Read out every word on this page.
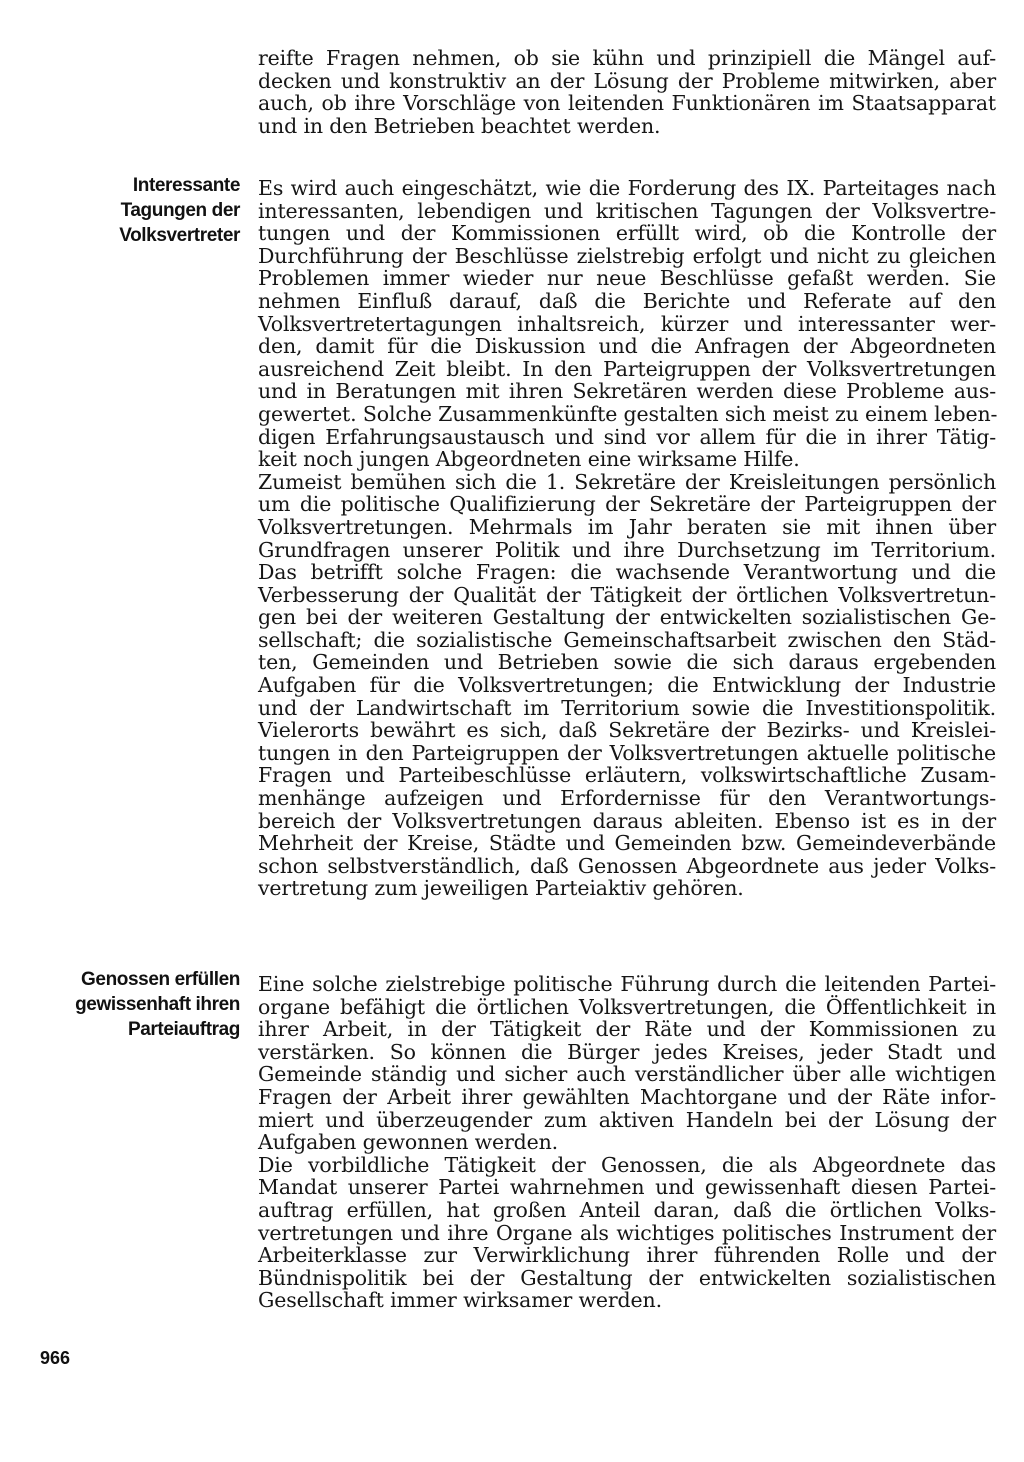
reifte Fragen nehmen, ob sie kühn und prinzipiell die Mängel auf-
decken und konstruktiv an der Lösung der Probleme mitwirken, aber
auch, ob ihre Vorschläge von leitenden Funktionären im Staatsapparat
und in den Betrieben beachtet werden.
Interessante
Tagungen der
Volksvertreter
Es wird auch eingeschätzt, wie die Forderung des IX. Parteitages nach
interessanten, lebendigen und kritischen Tagungen der Volksvertre-
tungen und der Kommissionen erfüllt wird, ob die Kontrolle der
Durchführung der Beschlüsse zielstrebig erfolgt und nicht zu gleichen
Problemen immer wieder nur neue Beschlüsse gefaßt werden. Sie
nehmen Einfluß darauf, daß die Berichte und Referate auf den
Volksvertretertagungen inhaltsreich, kürzer und interessanter wer-
den, damit für die Diskussion und die Anfragen der Abgeordneten
ausreichend Zeit bleibt. In den Parteigruppen der Volksvertretungen
und in Beratungen mit ihren Sekretären werden diese Probleme aus-
gewertet. Solche Zusammenkünfte gestalten sich meist zu einem leben-
digen Erfahrungsaustausch und sind vor allem für die in ihrer Tätig-
keit noch jungen Abgeordneten eine wirksame Hilfe.
Zumeist bemühen sich die 1. Sekretäre der Kreisleitungen persönlich
um die politische Qualifizierung der Sekretäre der Parteigruppen der
Volksvertretungen. Mehrmals im Jahr beraten sie mit ihnen über
Grundfragen unserer Politik und ihre Durchsetzung im Territorium.
Das betrifft solche Fragen: die wachsende Verantwortung und die
Verbesserung der Qualität der Tätigkeit der örtlichen Volksvertretun-
gen bei der weiteren Gestaltung der entwickelten sozialistischen Ge-
sellschaft; die sozialistische Gemeinschaftsarbeit zwischen den Städ-
ten, Gemeinden und Betrieben sowie die sich daraus ergebenden
Aufgaben für die Volksvertretungen; die Entwicklung der Industrie
und der Landwirtschaft im Territorium sowie die Investitionspolitik.
Vielerorts bewährt es sich, daß Sekretäre der Bezirks- und Kreislei-
tungen in den Parteigruppen der Volksvertretungen aktuelle politische
Fragen und Parteibeschlüsse erläutern, volkswirtschaftliche Zusam-
menhänge aufzeigen und Erfordernisse für den Verantwortungs-
bereich der Volksvertretungen daraus ableiten. Ebenso ist es in der
Mehrheit der Kreise, Städte und Gemeinden bzw. Gemeindeverbände
schon selbstverständlich, daß Genossen Abgeordnete aus jeder Volks-
vertretung zum jeweiligen Parteiaktiv gehören.
Genossen erfüllen
gewissenhaft ihren
Parteiauftrag
Eine solche zielstrebige politische Führung durch die leitenden Partei-
organe befähigt die örtlichen Volksvertretungen, die Öffentlichkeit in
ihrer Arbeit, in der Tätigkeit der Räte und der Kommissionen zu
verstärken. So können die Bürger jedes Kreises, jeder Stadt und
Gemeinde ständig und sicher auch verständlicher über alle wichtigen
Fragen der Arbeit ihrer gewählten Machtorgane und der Räte infor-
miert und überzeugender zum aktiven Handeln bei der Lösung der
Aufgaben gewonnen werden.
Die vorbildliche Tätigkeit der Genossen, die als Abgeordnete das
Mandat unserer Partei wahrnehmen und gewissenhaft diesen Partei-
auftrag erfüllen, hat großen Anteil daran, daß die örtlichen Volks-
vertretungen und ihre Organe als wichtiges politisches Instrument der
Arbeiterklasse zur Verwirklichung ihrer führenden Rolle und der
Bündnispolitik bei der Gestaltung der entwickelten sozialistischen
Gesellschaft immer wirksamer werden.
966
